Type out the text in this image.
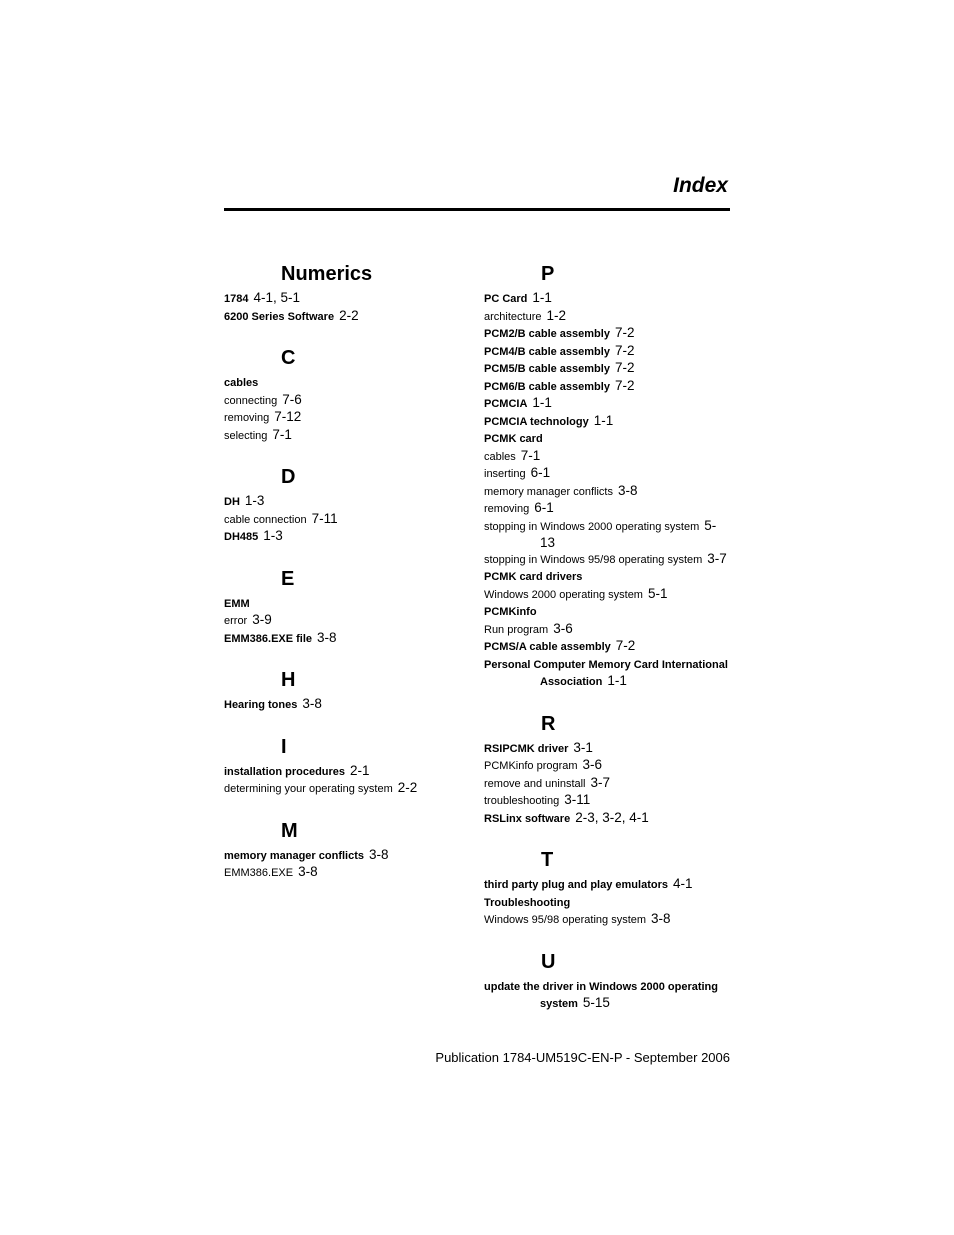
Index
Numerics
1784 4-1, 5-1
6200 Series Software 2-2
C
cables
connecting 7-6
removing 7-12
selecting 7-1
D
DH 1-3
cable connection 7-11
DH485 1-3
E
EMM
error 3-9
EMM386.EXE file 3-8
H
Hearing tones 3-8
I
installation procedures 2-1
determining your operating system 2-2
M
memory manager conflicts 3-8
EMM386.EXE 3-8
P
PC Card 1-1
architecture 1-2
PCM2/B cable assembly 7-2
PCM4/B cable assembly 7-2
PCM5/B cable assembly 7-2
PCM6/B cable assembly 7-2
PCMCIA 1-1
PCMCIA technology 1-1
PCMK card
cables 7-1
inserting 6-1
memory manager conflicts 3-8
removing 6-1
stopping in Windows 2000 operating system 5-13
stopping in Windows 95/98 operating system 3-7
PCMK card drivers
Windows 2000 operating system 5-1
PCMKinfo
Run program 3-6
PCMS/A cable assembly 7-2
Personal Computer Memory Card International Association 1-1
R
RSIPCMK driver 3-1
PCMKinfo program 3-6
remove and uninstall 3-7
troubleshooting 3-11
RSLinx software 2-3, 3-2, 4-1
T
third party plug and play emulators 4-1
Troubleshooting
Windows 95/98 operating system 3-8
U
update the driver in Windows 2000 operating system 5-15

Publication 1784-UM519C-EN-P - September 2006
